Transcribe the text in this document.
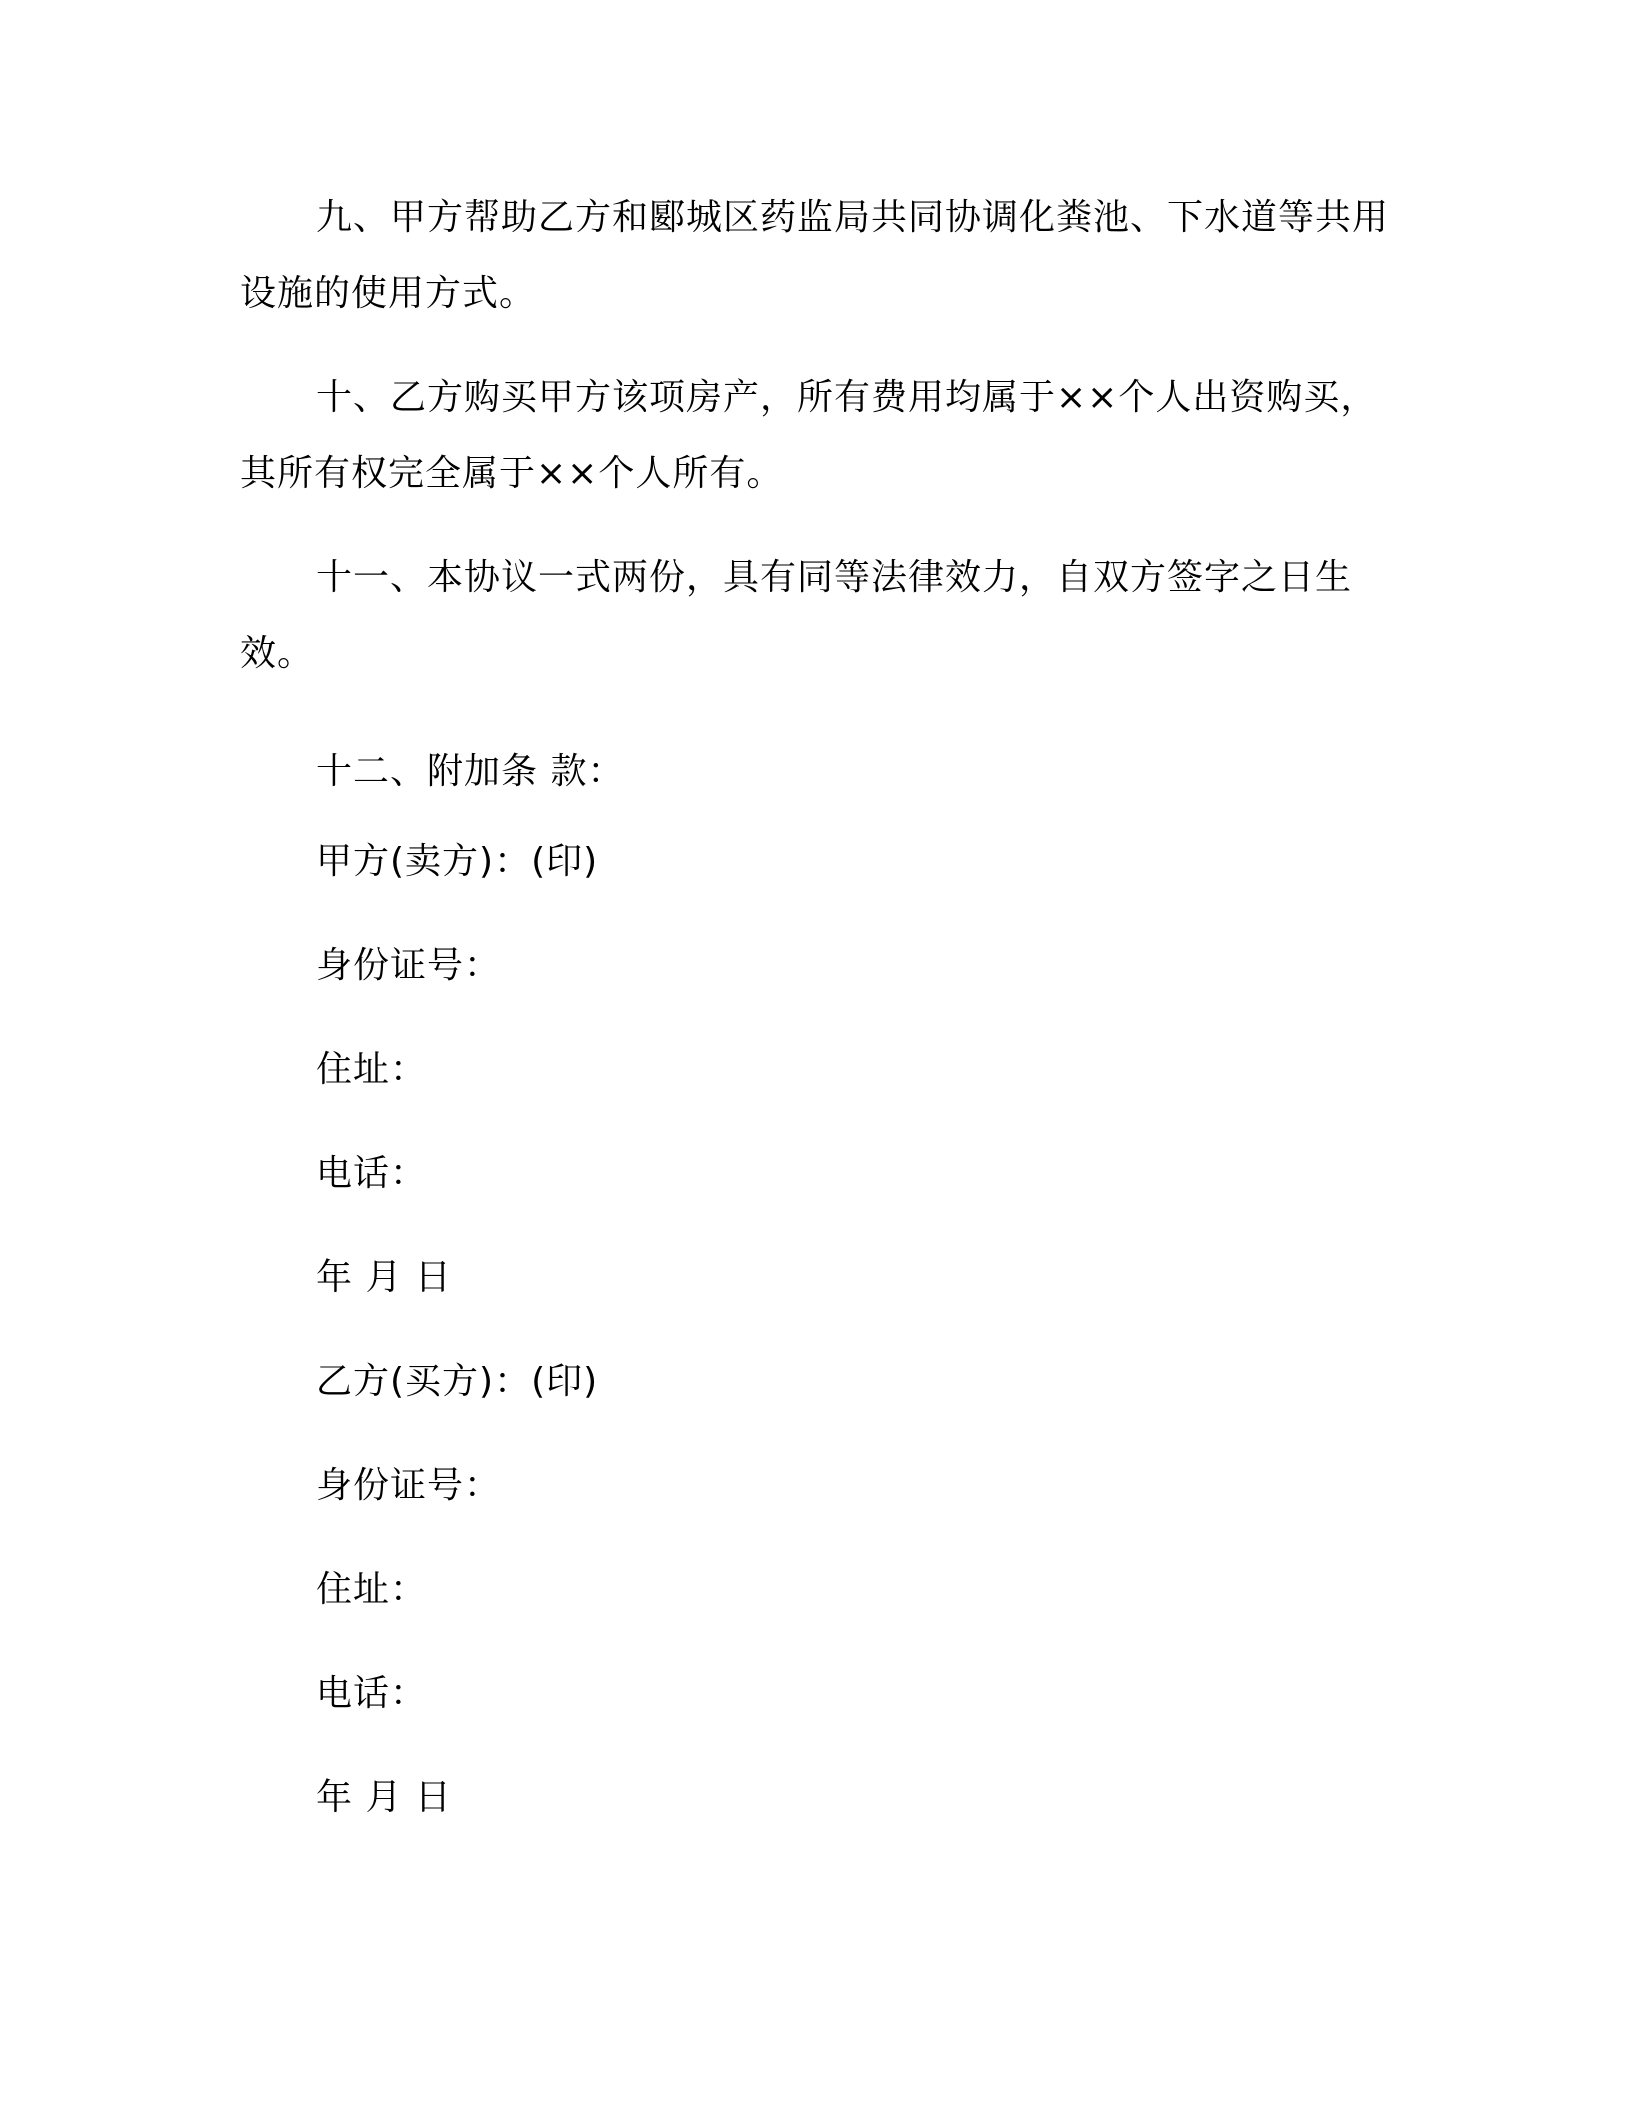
九、甲方帮助乙方和郾城区药监局共同协调化粪池、下水道等共用设施的使用方式。

十、乙方购买甲方该项房产，所有费用均属于××个人出资购买，其所有权完全属于××个人所有。

十一、本协议一式两份，具有同等法律效力，自双方签字之日生效。

十二、附加条 款：

甲方(卖方)：(印)

身份证号：

住址：

电话：

年 月 日

乙方(买方)：(印)

身份证号：

住址：

电话：

年 月 日
